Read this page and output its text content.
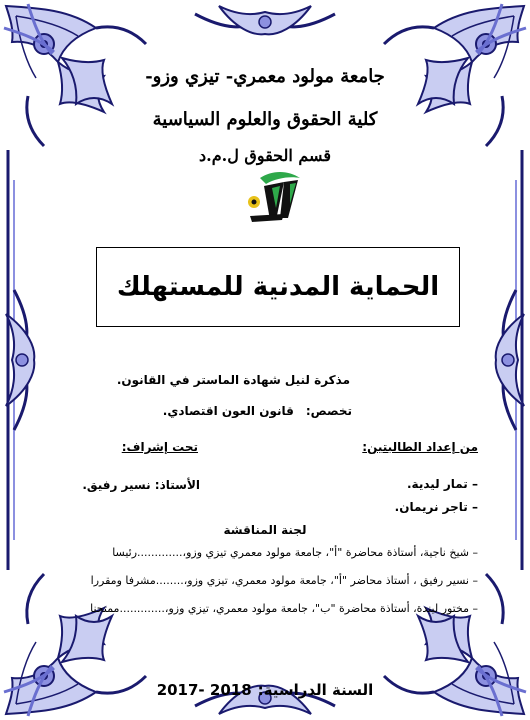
جامعة مولود معمري- تيزي وزو-
كلية الحقوق والعلوم السياسية
قسم الحقوق ل.م.د
الحماية المدنية للمستهلك
مذكرة لنيل شهادة الماستر في القانون.
تخصص:قانون العون اقتصادي.
من إعداد الطالبتين:
تحت إشراف:
– تمار ليدية.
– تاجر نريمان.
الأستاذ: نسير رفيق.
لجنة المناقشة
– شيخ ناجية، أستاذة محاضرة "أ"، جامعة مولود معمري تيزي وزو،.............رئيسا
– نسير رفيق ، أستاذ محاضر "أ"، جامعة مولود معمري، تيزي وزو،........مشرفا ومقررا
– مختور ليندة، أستاذة محاضرة "ب"، جامعة مولود معمري، تيزي وزو،.............ممتحنا
السنة الدراسية:2017- 2018
